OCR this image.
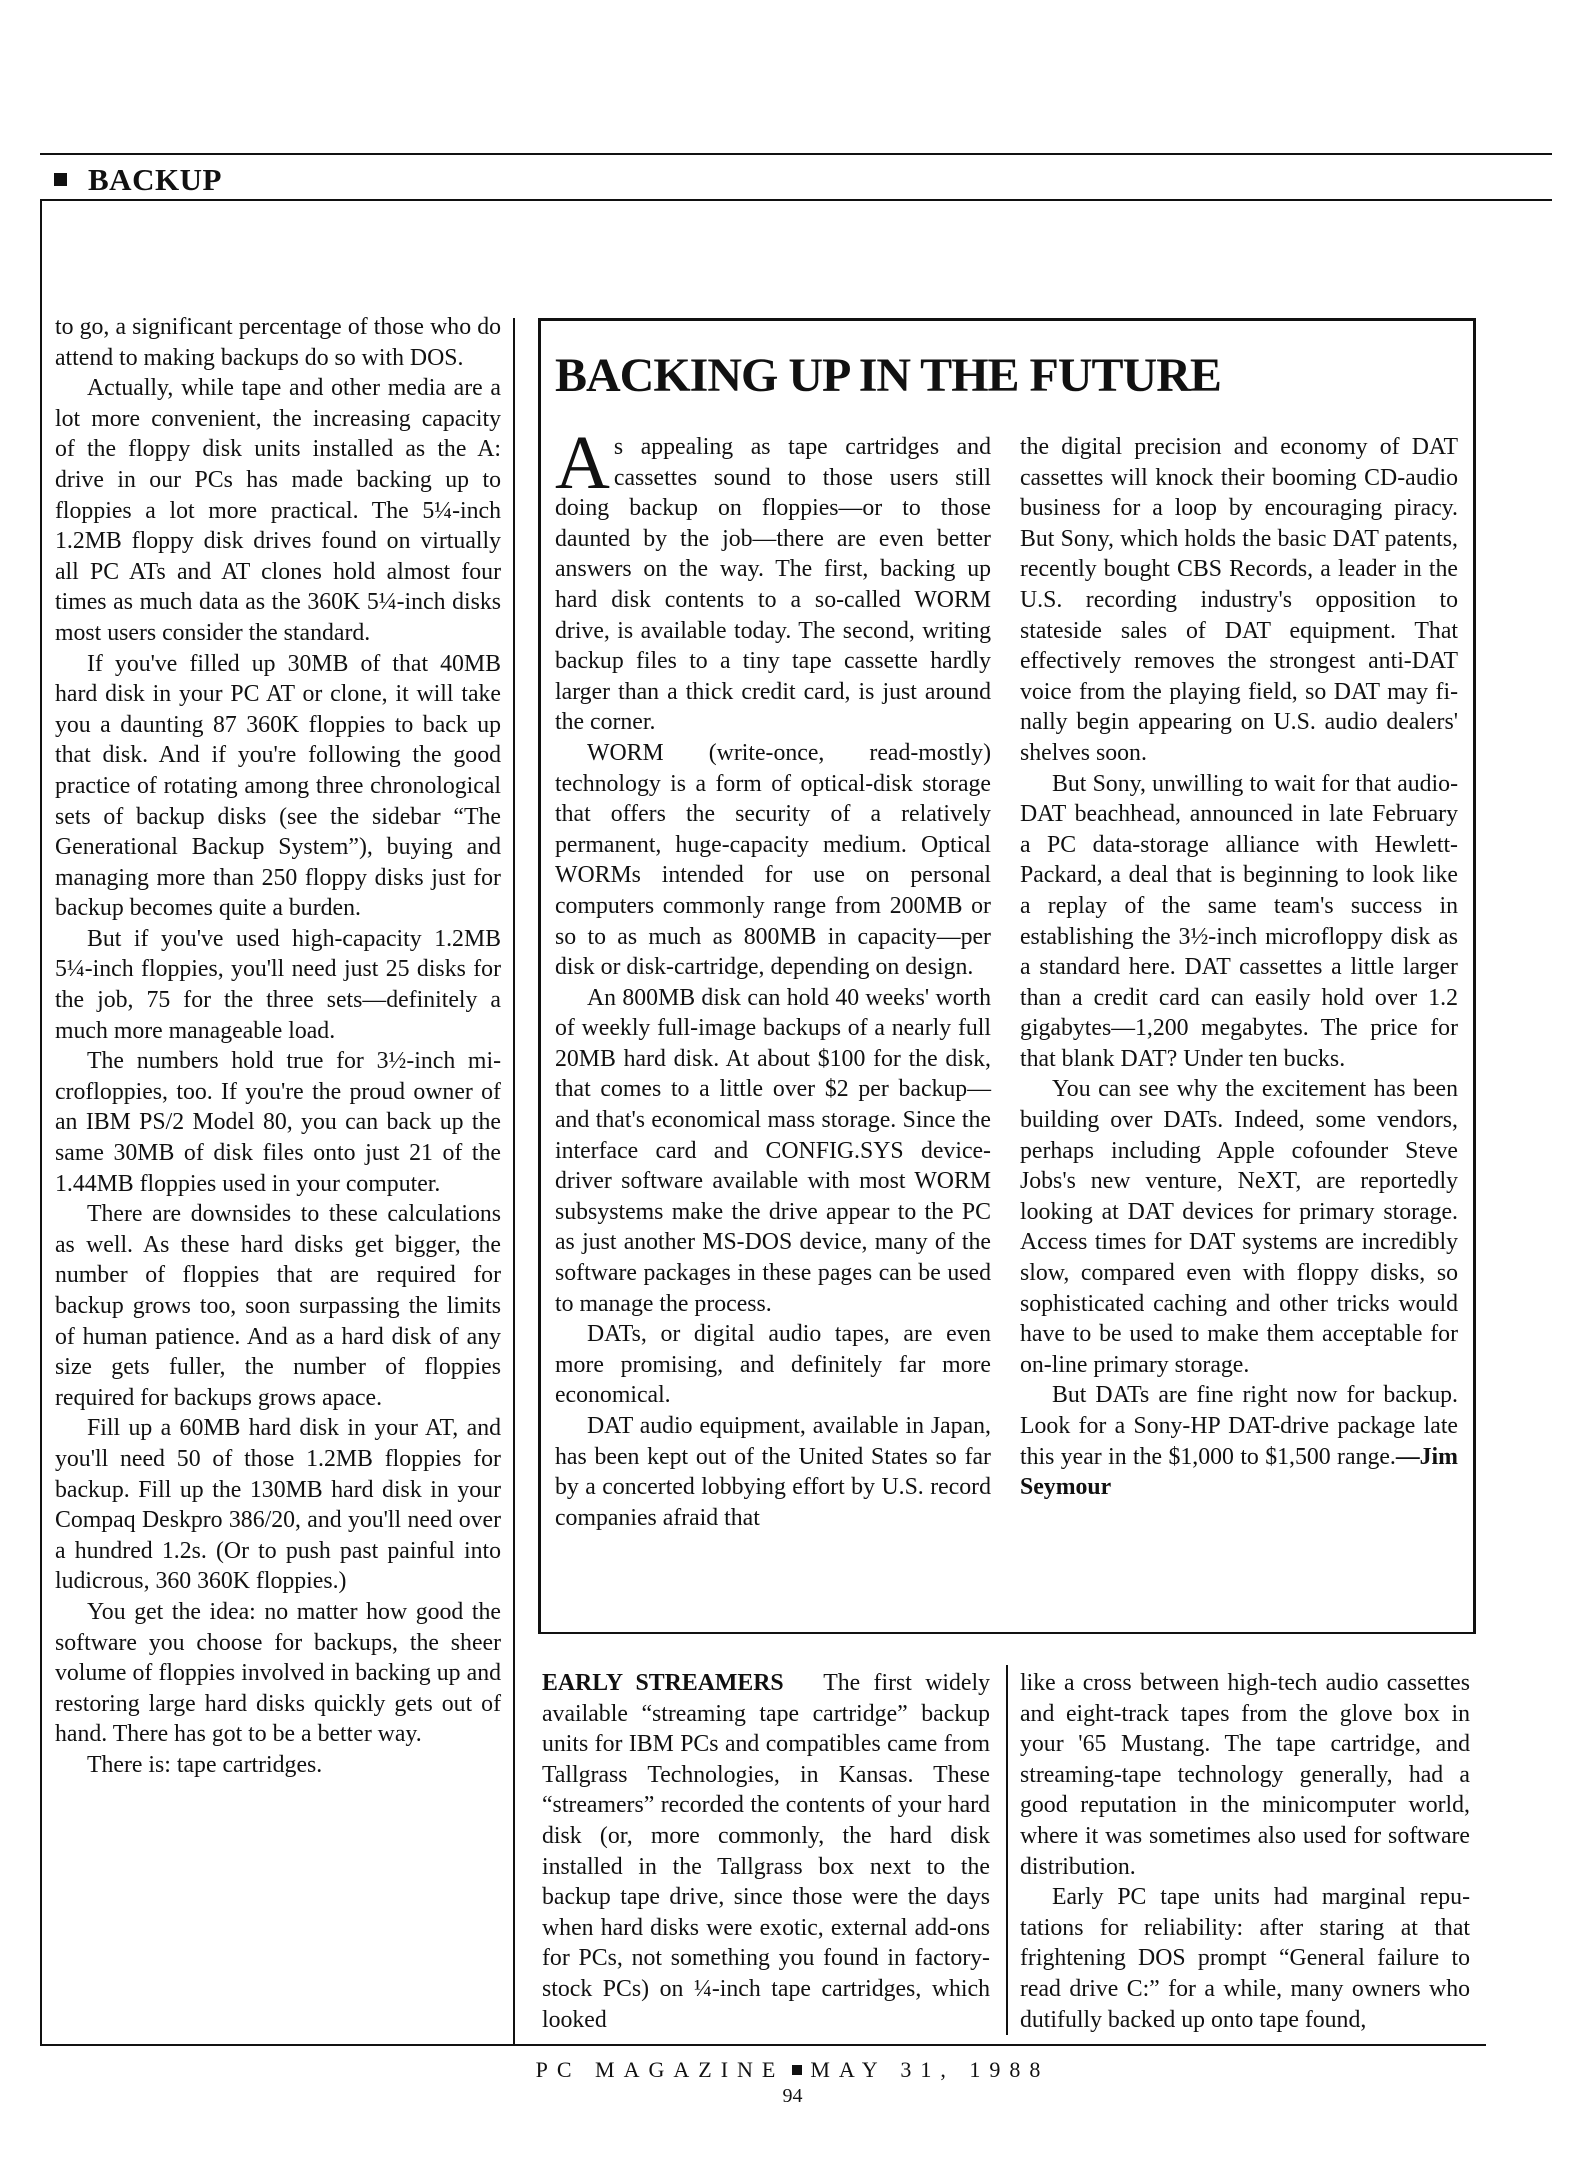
BACKUP

to go, a significant percentage of those who do attend to making backups do so with DOS.

Actually, while tape and other media are a lot more convenient, the increasing capacity of the floppy disk units installed as the A: drive in our PCs has made backing up to floppies a lot more practical. The 5¼-inch 1.2MB floppy disk drives found on virtually all PC ATs and AT clones hold almost four times as much data as the 360K 5¼-inch disks most users consider the standard.

If you've filled up 30MB of that 40MB hard disk in your PC AT or clone, it will take you a daunting 87 360K floppies to back up that disk. And if you're following the good practice of rotating among three chronological sets of backup disks (see the sidebar “The Generational Backup System”), buying and managing more than 250 floppy disks just for backup becomes quite a burden.

But if you've used high-capacity 1.2MB 5¼-inch floppies, you'll need just 25 disks for the job, 75 for the three sets—definitely a much more manageable load.

The numbers hold true for 3½-inch microfloppies, too. If you're the proud owner of an IBM PS/2 Model 80, you can back up the same 30MB of disk files onto just 21 of the 1.44MB floppies used in your computer.

There are downsides to these calculations as well. As these hard disks get bigger, the number of floppies that are required for backup grows too, soon surpassing the limits of human patience. And as a hard disk of any size gets fuller, the number of floppies required for backups grows apace.

Fill up a 60MB hard disk in your AT, and you'll need 50 of those 1.2MB floppies for backup. Fill up the 130MB hard disk in your Compaq Deskpro 386/20, and you'll need over a hundred 1.2s. (Or to push past painful into ludicrous, 360 360K floppies.)

You get the idea: no matter how good the software you choose for backups, the sheer volume of floppies involved in backing up and restoring large hard disks quickly gets out of hand. There has got to be a better way.

There is: tape cartridges.

BACKING UP IN THE FUTURE

As appealing as tape cartridges and cassettes sound to those users still doing backup on floppies—or to those daunted by the job—there are even better answers on the way. The first, backing up hard disk contents to a so-called WORM drive, is available today. The second, writing backup files to a tiny tape cassette hardly larger than a thick credit card, is just around the corner.

WORM (write-once, read-mostly) technology is a form of optical-disk storage that offers the security of a relatively permanent, huge-capacity medium. Optical WORMs intended for use on personal computers commonly range from 200MB or so to as much as 800MB in capacity—per disk or disk-cartridge, depending on design.

An 800MB disk can hold 40 weeks' worth of weekly full-image backups of a nearly full 20MB hard disk. At about $100 for the disk, that comes to a little over $2 per backup—and that's economical mass storage. Since the interface card and CONFIG.SYS device-driver software available with most WORM subsystems make the drive appear to the PC as just another MS-DOS device, many of the software packages in these pages can be used to manage the process.

DATs, or digital audio tapes, are even more promising, and definitely far more economical.

DAT audio equipment, available in Japan, has been kept out of the United States so far by a concerted lobbying effort by U.S. record companies afraid that

the digital precision and economy of DAT cassettes will knock their booming CD-audio business for a loop by encouraging piracy. But Sony, which holds the basic DAT patents, recently bought CBS Records, a leader in the U.S. recording industry's opposition to stateside sales of DAT equipment. That effectively removes the strongest anti-DAT voice from the playing field, so DAT may finally begin appearing on U.S. audio dealers' shelves soon.

But Sony, unwilling to wait for that audio-DAT beachhead, announced in late February a PC data-storage alliance with Hewlett-Packard, a deal that is beginning to look like a replay of the same team's success in establishing the 3½-inch microfloppy disk as a standard here. DAT cassettes a little larger than a credit card can easily hold over 1.2 gigabytes—1,200 megabytes. The price for that blank DAT? Under ten bucks.

You can see why the excitement has been building over DATs. Indeed, some vendors, perhaps including Apple cofounder Steve Jobs's new venture, NeXT, are reportedly looking at DAT devices for primary storage. Access times for DAT systems are incredibly slow, compared even with floppy disks, so sophisticated caching and other tricks would have to be used to make them acceptable for on-line primary storage.

But DATs are fine right now for backup. Look for a Sony-HP DAT-drive package late this year in the $1,000 to $1,500 range.—Jim Seymour

EARLY STREAMERS The first widely available “streaming tape cartridge” backup units for IBM PCs and compatibles came from Tallgrass Technologies, in Kansas. These “streamers” recorded the contents of your hard disk (or, more commonly, the hard disk installed in the Tallgrass box next to the backup tape drive, since those were the days when hard disks were exotic, external add-ons for PCs, not something you found in factory-stock PCs) on ¼-inch tape cartridges, which looked

like a cross between high-tech audio cassettes and eight-track tapes from the glove box in your '65 Mustang. The tape cartridge, and streaming-tape technology generally, had a good reputation in the minicomputer world, where it was sometimes also used for software distribution.

Early PC tape units had marginal reputations for reliability: after staring at that frightening DOS prompt “General failure to read drive C:” for a while, many owners who dutifully backed up onto tape found,

PC MAGAZINE MAY 31, 1988
94
